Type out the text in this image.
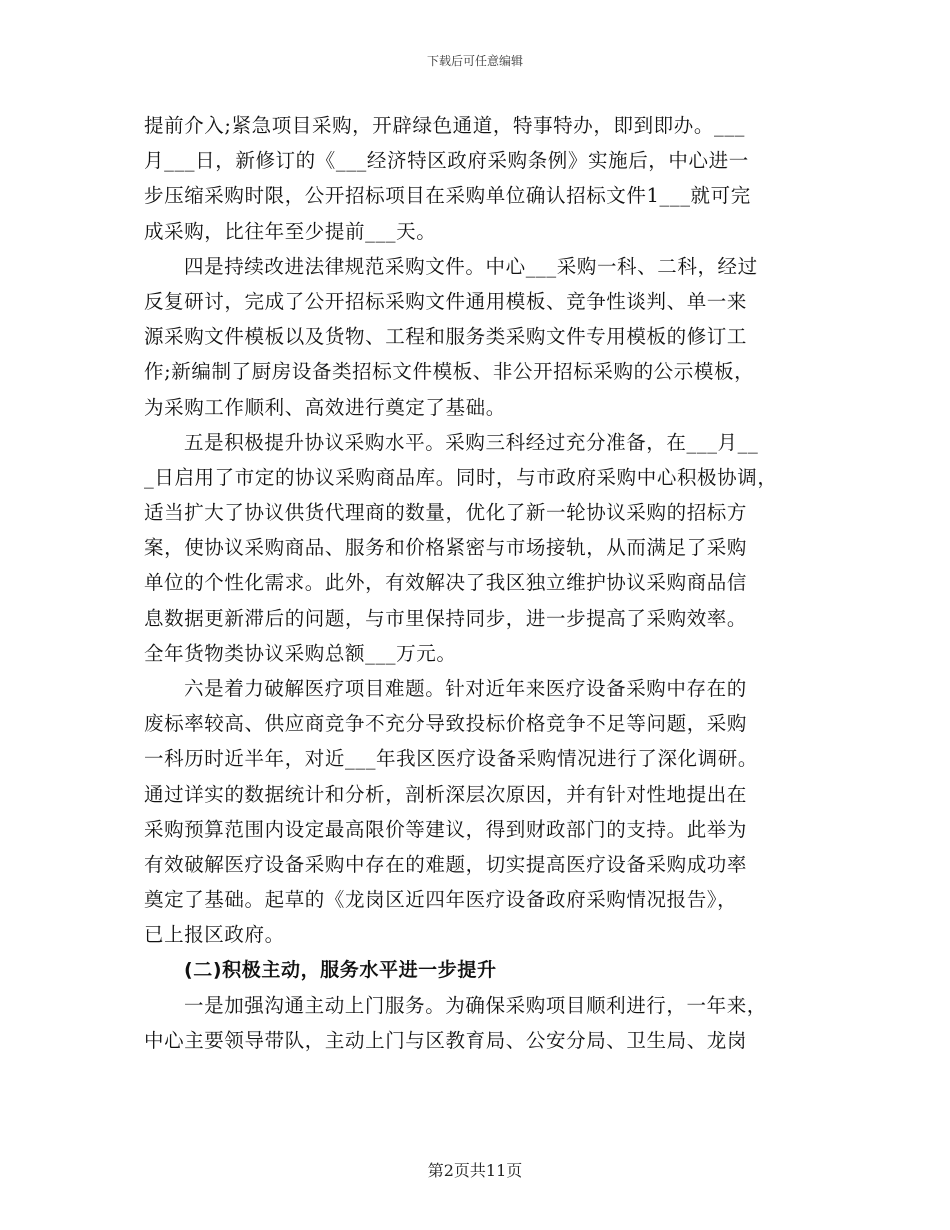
下载后可任意编辑
提前介入;紧急项目采购，开辟绿色通道，特事特办，即到即办。___
月___日，新修订的《___经济特区政府采购条例》实施后，中心进一
步压缩采购时限，公开招标项目在采购单位确认招标文件1___就可完
成采购，比往年至少提前___天。
四是持续改进法律规范采购文件。中心___采购一科、二科，经过
反复研讨，完成了公开招标采购文件通用模板、竞争性谈判、单一来
源采购文件模板以及货物、工程和服务类采购文件专用模板的修订工
作;新编制了厨房设备类招标文件模板、非公开招标采购的公示模板，
为采购工作顺利、高效进行奠定了基础。
五是积极提升协议采购水平。采购三科经过充分准备，在___月__
_日启用了市定的协议采购商品库。同时，与市政府采购中心积极协调，
适当扩大了协议供货代理商的数量，优化了新一轮协议采购的招标方
案，使协议采购商品、服务和价格紧密与市场接轨，从而满足了采购
单位的个性化需求。此外，有效解决了我区独立维护协议采购商品信
息数据更新滞后的问题，与市里保持同步，进一步提高了采购效率。
全年货物类协议采购总额___万元。
六是着力破解医疗项目难题。针对近年来医疗设备采购中存在的
废标率较高、供应商竞争不充分导致投标价格竞争不足等问题，采购
一科历时近半年，对近___年我区医疗设备采购情况进行了深化调研。
通过详实的数据统计和分析，剖析深层次原因，并有针对性地提出在
采购预算范围内设定最高限价等建议，得到财政部门的支持。此举为
有效破解医疗设备采购中存在的难题，切实提高医疗设备采购成功率
奠定了基础。起草的《龙岗区近四年医疗设备政府采购情况报告》，
已上报区政府。
(二)积极主动，服务水平进一步提升
一是加强沟通主动上门服务。为确保采购项目顺利进行，一年来，
中心主要领导带队，主动上门与区教育局、公安分局、卫生局、龙岗
第2页共11页
